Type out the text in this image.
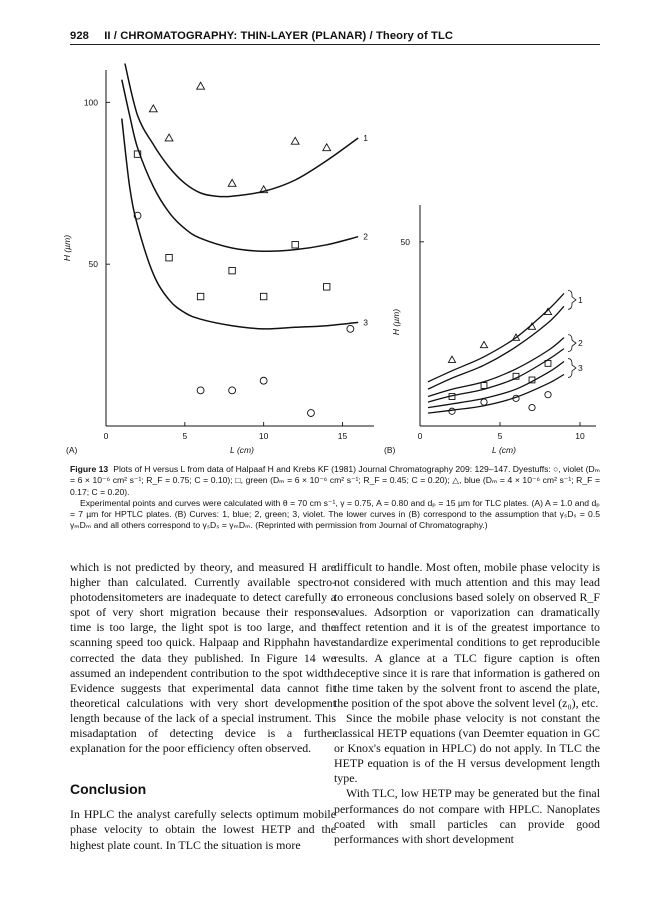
928 II / CHROMATOGRAPHY: THIN-LAYER (PLANAR) / Theory of TLC
0	5	10	15
50
100
3
2
1
(A)	L (cm)
H (µm)
0	5	10
50
1
2
3
(B)	L (cm)
H (µm)

Figure 13 Plots of H versus L from data of Halpaaf H and Krebs KF (1981) Journal Chromatography 209: 129–147. Dyestuffs: ○, violet (Dₘ = 6 × 10⁻⁶ cm² s⁻¹; R_F = 0.75; C = 0.10); □, green (Dₘ = 6 × 10⁻⁶ cm² s⁻¹; R_F = 0.45; C = 0.20); △, blue (Dₘ = 4 × 10⁻⁶ cm² s⁻¹; R_F = 0.17; C = 0.20).

Experimental points and curves were calculated with θ = 70 cm s⁻¹, γ = 0.75, A = 0.80 and dₚ = 15 µm for TLC plates. (A) A = 1.0 and dₚ = 7 µm for HPTLC plates. (B) Curves: 1, blue; 2, green; 3, violet. The lower curves in (B) correspond to the assumption that γₛDₛ = 0.5 γₘDₘ and all others correspond to γₛDₛ = γₘDₘ. (Reprinted with permission from Journal of Chromatography.)

which is not predicted by theory, and measured H are higher than calculated. Currently available spectro-photodensitometers are inadequate to detect carefully a spot of very short migration because their response time is too large, the light spot is too large, and the scanning speed too quick. Halpaap and Ripphahn have corrected the data they published. In Figure 14 we assumed an independent contribution to the spot width. Evidence suggests that experimental data cannot fit theoretical calculations with very short development length because of the lack of a special instrument. This misadaptation of detecting device is a further explanation for the poor efficiency often observed.

Conclusion

In HPLC the analyst carefully selects optimum mobile phase velocity to obtain the lowest HETP and the highest plate count. In TLC the situation is more

difficult to handle. Most often, mobile phase velocity is not considered with much attention and this may lead to erroneous conclusions based solely on observed R_F values. Adsorption or vaporization can dramatically affect retention and it is of the greatest importance to standardize experimental conditions to get reproducible results. A glance at a TLC figure caption is often deceptive since it is rare that information is gathered on the time taken by the solvent front to ascend the plate, the position of the spot above the solvent level (z₀), etc.

Since the mobile phase velocity is not constant the classical HETP equations (van Deemter equation in GC or Knox's equation in HPLC) do not apply. In TLC the HETP equation is of the H versus development length type.

With TLC, low HETP may be generated but the final performances do not compare with HPLC. Nanoplates coated with small particles can provide good performances with short development
